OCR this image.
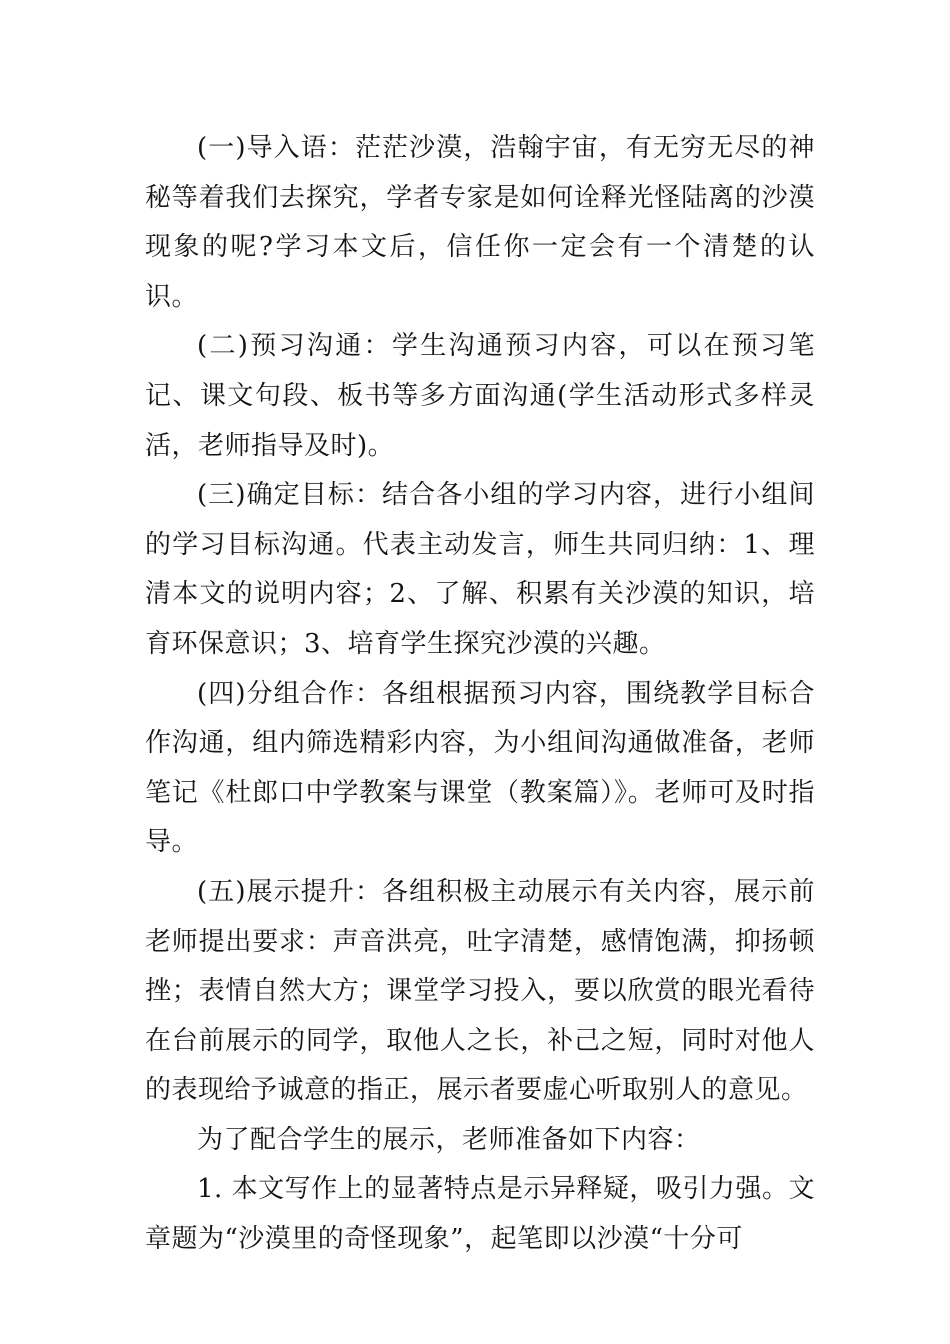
(一)导入语：茫茫沙漠，浩翰宇宙，有无穷无尽的神秘等着我们去探究，学者专家是如何诠释光怪陆离的沙漠现象的呢?学习本文后，信任你一定会有一个清楚的认识。

(二)预习沟通：学生沟通预习内容，可以在预习笔记、课文句段、板书等多方面沟通(学生活动形式多样灵活，老师指导及时)。

(三)确定目标：结合各小组的学习内容，进行小组间的学习目标沟通。代表主动发言，师生共同归纳：1、理清本文的说明内容；2、了解、积累有关沙漠的知识，培育环保意识；3、培育学生探究沙漠的兴趣。

(四)分组合作：各组根据预习内容，围绕教学目标合作沟通，组内筛选精彩内容，为小组间沟通做准备，老师笔记《杜郎口中学教案与课堂（教案篇）》。老师可及时指导。

(五)展示提升：各组积极主动展示有关内容，展示前老师提出要求：声音洪亮，吐字清楚，感情饱满，抑扬顿挫；表情自然大方；课堂学习投入，要以欣赏的眼光看待在台前展示的同学，取他人之长，补己之短，同时对他人的表现给予诚意的指正，展示者要虚心听取别人的意见。

为了配合学生的展示，老师准备如下内容：

1. 本文写作上的显著特点是示异释疑，吸引力强。文章题为“沙漠里的奇怪现象”，起笔即以沙漠“十分可
